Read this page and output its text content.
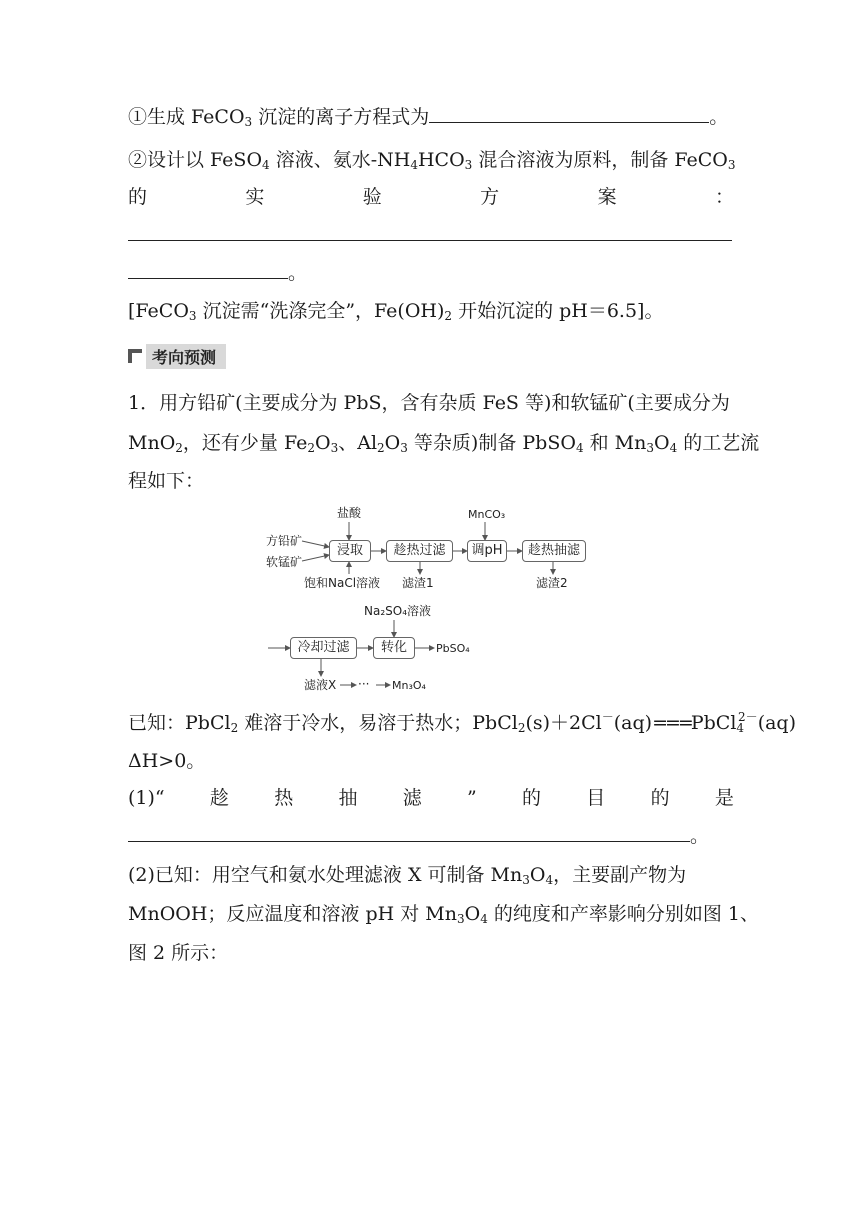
①生成 FeCO$_3$ 沉淀的离子方程式为	。
②设计以 FeSO$_4$ 溶液、氨水$-NH_4HCO_3$ 混合溶液为原料，制备 FeCO$_3$
的	实	验	方	案	：
。
[FeCO$_3$ 沉淀需“洗涤完全”，$Fe(OH)_2$ 开始沉淀的 pH＝6.5]。
考向预测
1．用方铅矿(主要成分为 PbS，含有杂质 FeS 等)和软锰矿(主要成分为
MnO$_2$，还有少量 $Fe_2O_3$、$Al_2O_3$ 等杂质)制备 PbSO$_4$ 和 $Mn_3O_4$ 的工艺流
程如下：
盐酸
方铅矿
软锰矿
浸取	趁热过滤
MnCO₃
调pH	趁热抽滤
饱和NaCl溶液 滤渣1	滤渣2
Na₂SO₄溶液
冷却过滤	转化	PbSO₄
滤液X ··· Mn₃O₄
已知：PbCl$_2$ 难溶于冷水，易溶于热水；PbCl$_2$(s)＋2Cl－(aq)===PbCl$_4^{2-}$(aq)
ΔH>0。
(1)“ 趁 热 抽 滤 ” 的 目 的 是
。
(2)已知：用空气和氨水处理滤液 X 可制备 $Mn_3O_4$，主要副产物为
MnOOH；反应温度和溶液 pH 对 $Mn_3O_4$ 的纯度和产率影响分别如图 1、
图 2 所示：
